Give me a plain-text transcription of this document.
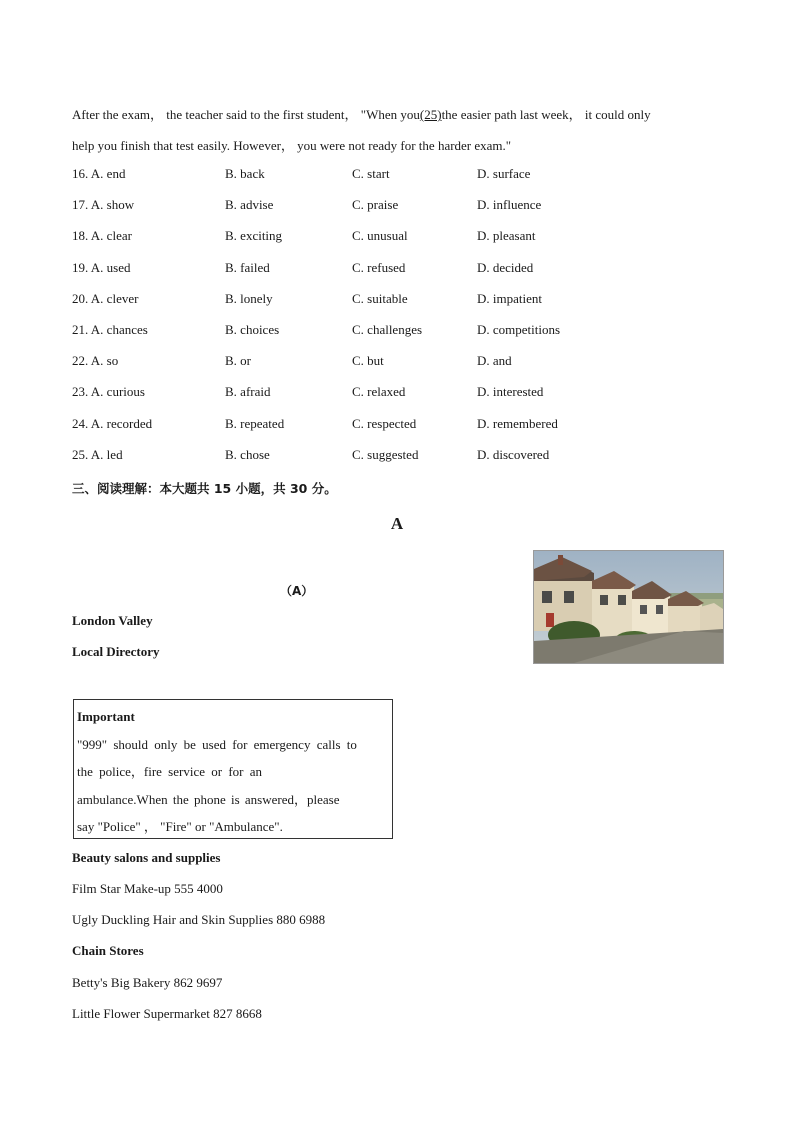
After the exam， the teacher said to the first student， "When you(25)the easier path last week， it could only
help you finish that test easily. However， you were not ready for the harder exam."
16. A. end	B. back	C. start	D. surface
17. A. show	B. advise	C. praise	D. influence
18. A. clear	B. exciting	C. unusual	D. pleasant
19. A. used	B. failed	C. refused	D. decided
20. A. clever	B. lonely	C. suitable	D. impatient
21. A. chances	B. choices	C. challenges	D. competitions
22. A. so	B. or	C. but	D. and
23. A. curious	B. afraid	C. relaxed	D. interested
24. A. recorded	B. repeated	C. respected	D. remembered
25. A. led	B. chose	C. suggested	D. discovered
三、阅读理解：本大题共 15 小题，共 30 分。
A
（A）
London Valley
Local Directory
Important
"999" should only be used for emergency calls to
the police，fire service or for an
ambulance.When the phone is answered，please
say "Police" ， "Fire" or "Ambulance".
Beauty salons and supplies
Film Star Make-up 555 4000
Ugly Duckling Hair and Skin Supplies 880 6988
Chain Stores
Betty's Big Bakery 862 9697
Little Flower Supermarket 827 8668
